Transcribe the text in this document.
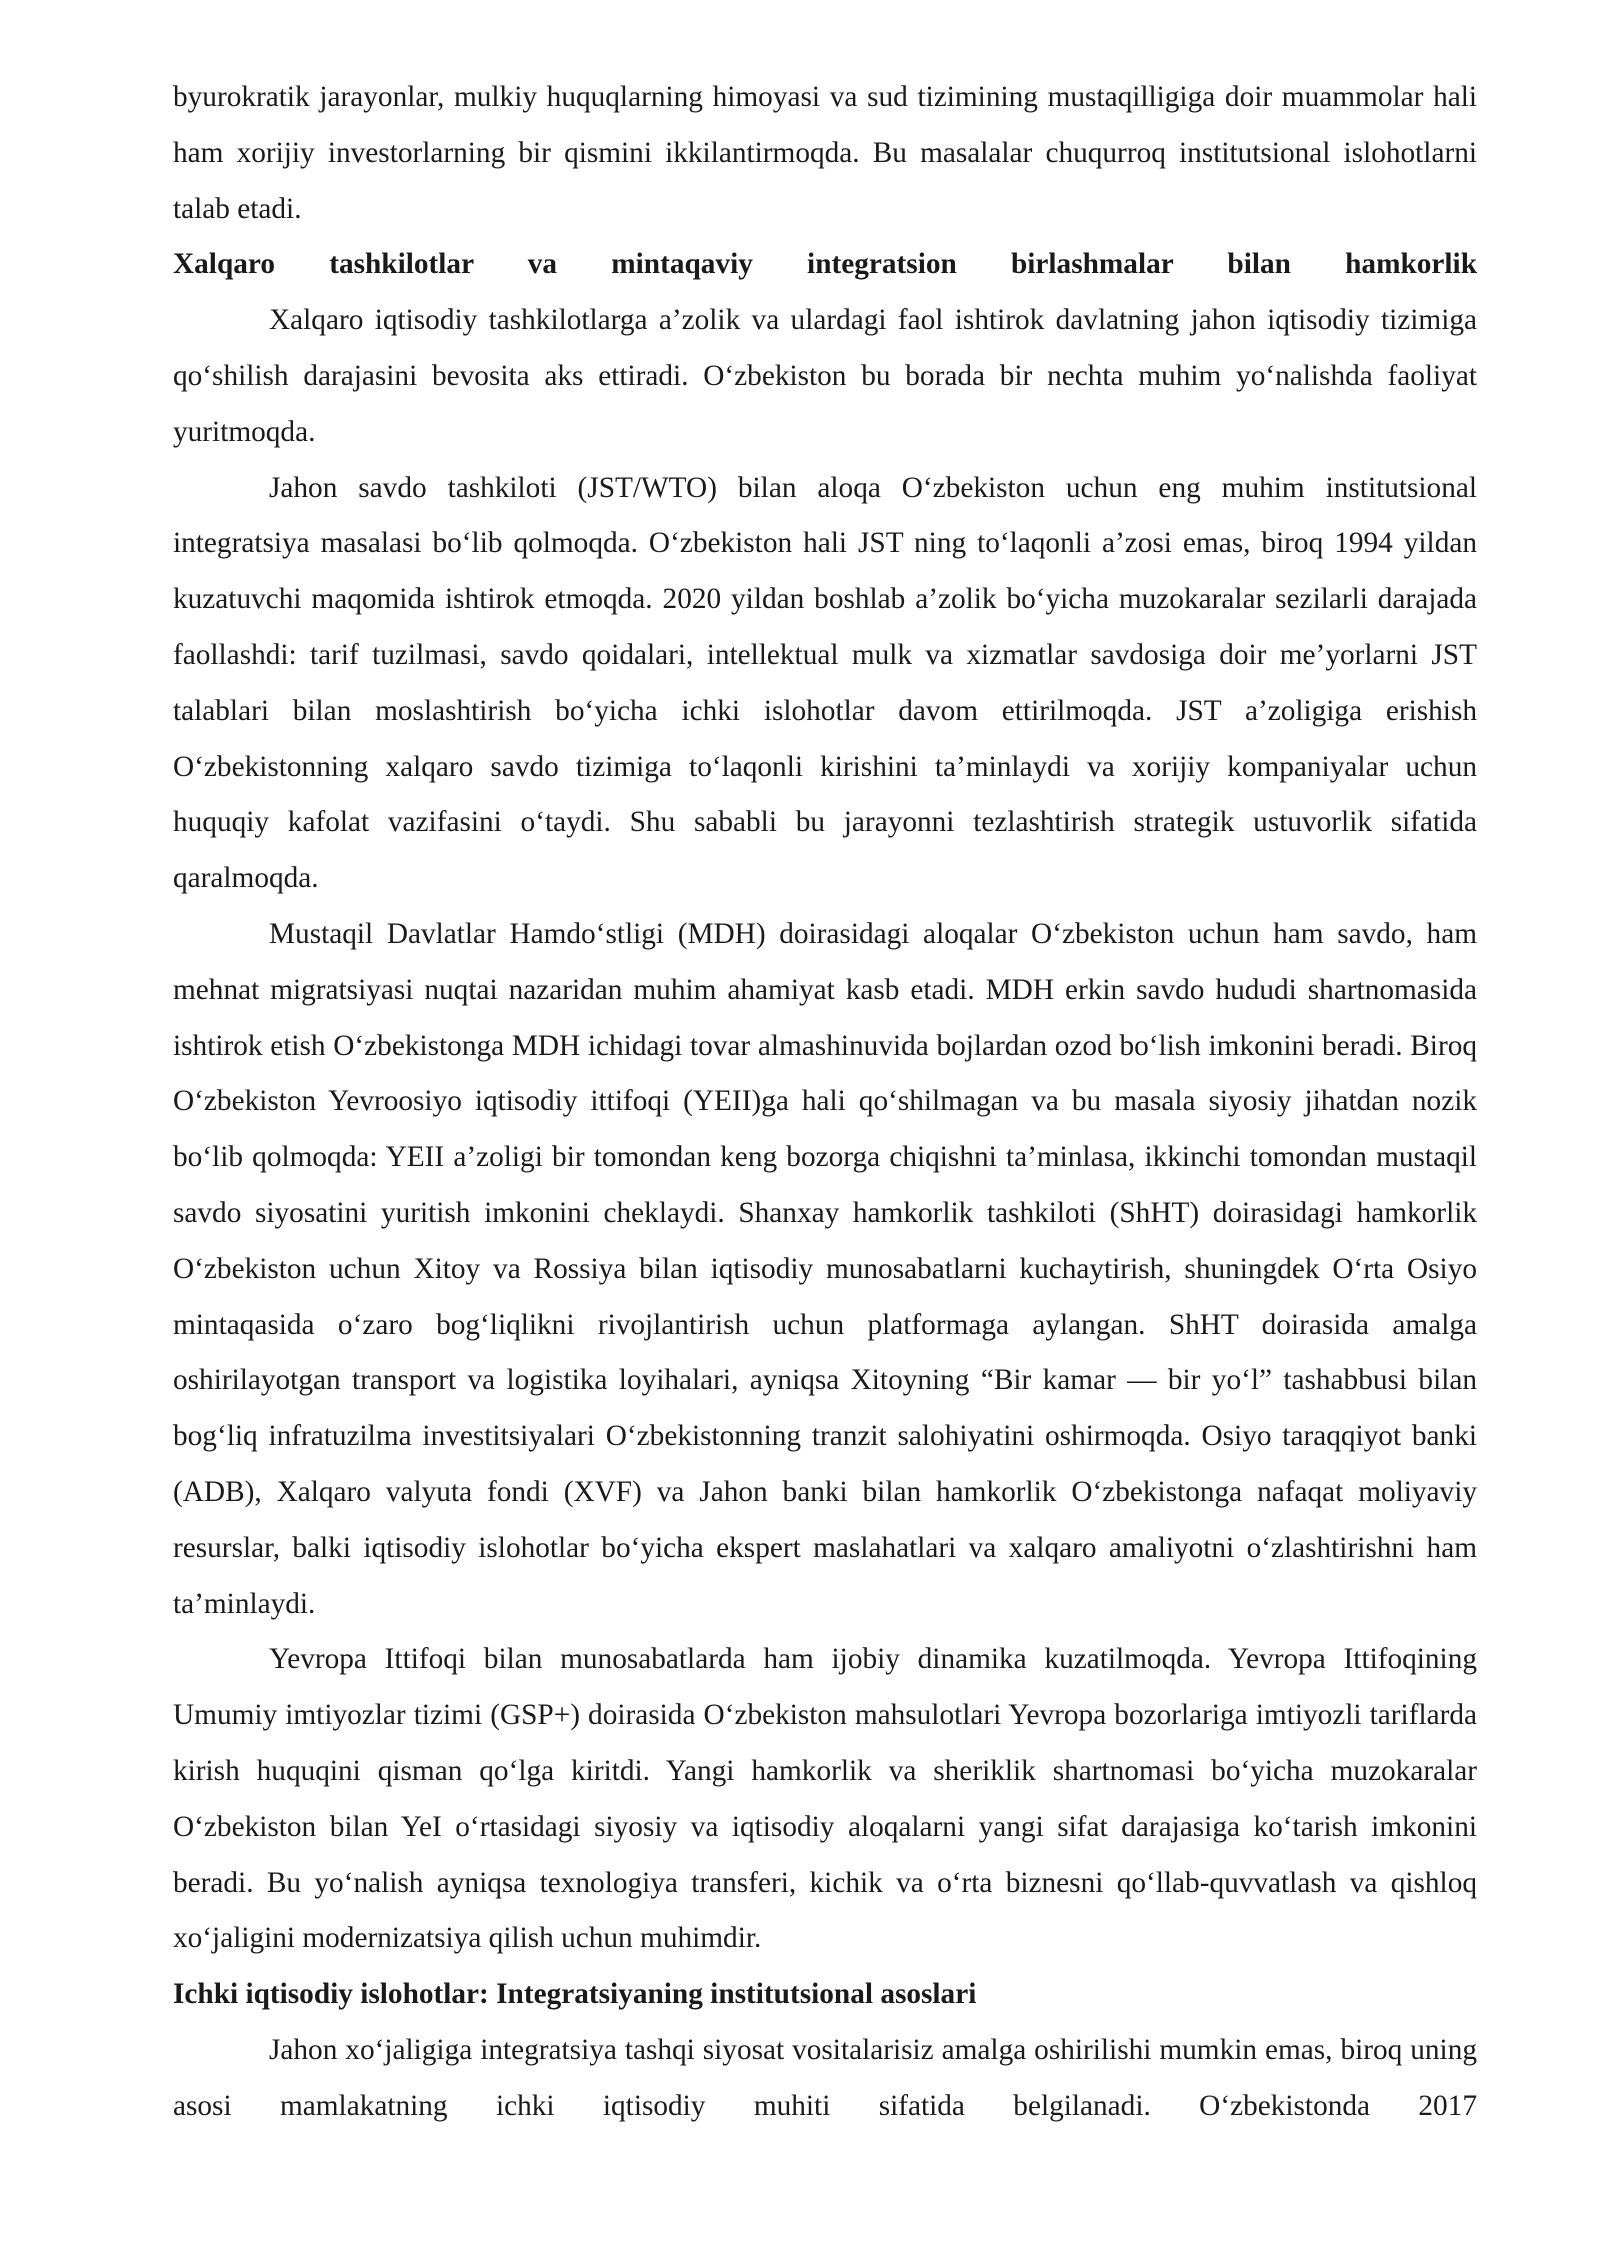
byurokratik jarayonlar, mulkiy huquqlarning himoyasi va sud tizimining mustaqilligiga doir muammolar hali ham xorijiy investorlarning bir qismini ikkilantirmoqda. Bu masalalar chuqurroq institutsional islohotlarni talab etadi.

Xalqaro tashkilotlar va mintaqaviy integratsion birlashmalar bilan hamkorlik

Xalqaro iqtisodiy tashkilotlarga a’zolik va ulardagi faol ishtirok davlatning jahon iqtisodiy tizimiga qo‘shilish darajasini bevosita aks ettiradi. O‘zbekiston bu borada bir nechta muhim yo‘nalishda faoliyat yuritmoqda.

Jahon savdo tashkiloti (JST/WTO) bilan aloqa O‘zbekiston uchun eng muhim institutsional integratsiya masalasi bo‘lib qolmoqda. O‘zbekiston hali JST ning to‘laqonli a’zosi emas, biroq 1994 yildan kuzatuvchi maqomida ishtirok etmoqda. 2020 yildan boshlab a’zolik bo‘yicha muzokaralar sezilarli darajada faollashdi: tarif tuzilmasi, savdo qoidalari, intellektual mulk va xizmatlar savdosiga doir me’yorlarni JST talablari bilan moslashtirish bo‘yicha ichki islohotlar davom ettirilmoqda. JST a’zoligiga erishish O‘zbekistonning xalqaro savdo tizimiga to‘laqonli kirishini ta’minlaydi va xorijiy kompaniyalar uchun huquqiy kafolat vazifasini o‘taydi. Shu sababli bu jarayonni tezlashtirish strategik ustuvorlik sifatida qaralmoqda.

Mustaqil Davlatlar Hamdo‘stligi (MDH) doirasidagi aloqalar O‘zbekiston uchun ham savdo, ham mehnat migratsiyasi nuqtai nazaridan muhim ahamiyat kasb etadi. MDH erkin savdo hududi shartnomasida ishtirok etish O‘zbekistonga MDH ichidagi tovar almashinuvida bojlardan ozod bo‘lish imkonini beradi. Biroq O‘zbekiston Yevroosiyo iqtisodiy ittifoqi (YEII)ga hali qo‘shilmagan va bu masala siyosiy jihatdan nozik bo‘lib qolmoqda: YEII a’zoligi bir tomondan keng bozorga chiqishni ta’minlasa, ikkinchi tomondan mustaqil savdo siyosatini yuritish imkonini cheklaydi. Shanxay hamkorlik tashkiloti (ShHT) doirasidagi hamkorlik O‘zbekiston uchun Xitoy va Rossiya bilan iqtisodiy munosabatlarni kuchaytirish, shuningdek O‘rta Osiyo mintaqasida o‘zaro bog‘liqlikni rivojlantirish uchun platformaga aylangan. ShHT doirasida amalga oshirilayotgan transport va logistika loyihalari, ayniqsa Xitoyning “Bir kamar — bir yo‘l” tashabbusi bilan bog‘liq infratuzilma investitsiyalari O‘zbekistonning tranzit salohiyatini oshirmoqda. Osiyo taraqqiyot banki (ADB), Xalqaro valyuta fondi (XVF) va Jahon banki bilan hamkorlik O‘zbekistonga nafaqat moliyaviy resurslar, balki iqtisodiy islohotlar bo‘yicha ekspert maslahatlari va xalqaro amaliyotni o‘zlashtirishni ham ta’minlaydi.

Yevropa Ittifoqi bilan munosabatlarda ham ijobiy dinamika kuzatilmoqda. Yevropa Ittifoqining Umumiy imtiyozlar tizimi (GSP+) doirasida O‘zbekiston mahsulotlari Yevropa bozorlariga imtiyozli tariflarda kirish huquqini qisman qo‘lga kiritdi. Yangi hamkorlik va sheriklik shartnomasi bo‘yicha muzokaralar O‘zbekiston bilan YeI o‘rtasidagi siyosiy va iqtisodiy aloqalarni yangi sifat darajasiga ko‘tarish imkonini beradi. Bu yo‘nalish ayniqsa texnologiya transferi, kichik va o‘rta biznesni qo‘llab-quvvatlash va qishloq xo‘jaligini modernizatsiya qilish uchun muhimdir.

Ichki iqtisodiy islohotlar: Integratsiyaning institutsional asoslari

Jahon xo‘jaligiga integratsiya tashqi siyosat vositalarisiz amalga oshirilishi mumkin emas, biroq uning asosi mamlakatning ichki iqtisodiy muhiti sifatida belgilanadi. O‘zbekistonda 2017
